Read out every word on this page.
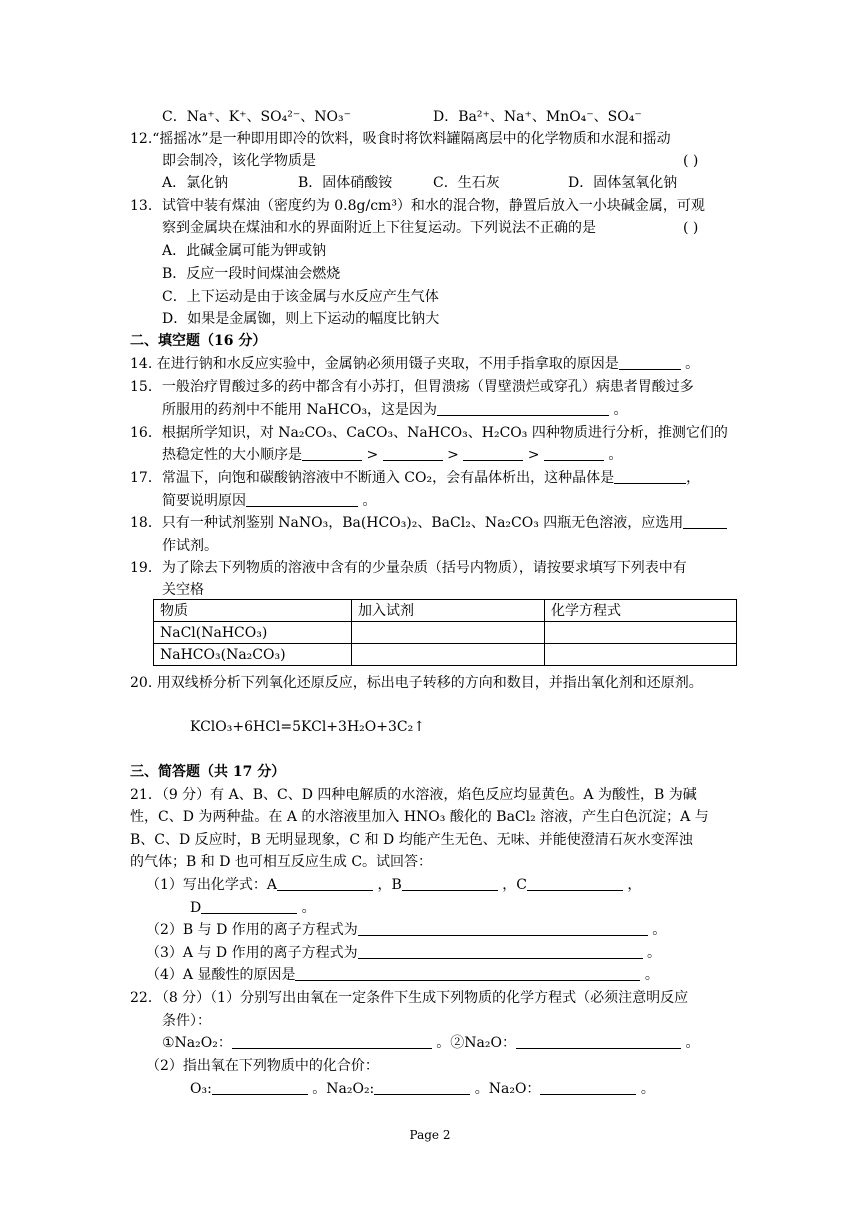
C．Na⁺、K⁺、SO₄²⁻、NO₃⁻	D．Ba²⁺、Na⁺、MnO₄⁻、SO₄⁻
12.“摇摇冰”是一种即用即冷的饮料，吸食时将饮料罐隔离层中的化学物质和水混和摇动
即会制冷，该化学物质是	( )
A．氯化钠	B．固体硝酸铵	C．生石灰	D．固体氢氧化钠
13．试管中装有煤油（密度约为 0.8g/cm³）和水的混合物，静置后放入一小块碱金属，可观
察到金属块在煤油和水的界面附近上下往复运动。下列说法不正确的是	( )
A．此碱金属可能为钾或钠
B．反应一段时间煤油会燃烧
C．上下运动是由于该金属与水反应产生气体
D．如果是金属铷，则上下运动的幅度比钠大
二、填空题（16 分）
14. 在进行钠和水反应实验中，金属钠必须用镊子夹取，不用手指拿取的原因是	。
15．一般治疗胃酸过多的药中都含有小苏打，但胃溃疡（胃壁溃烂或穿孔）病患者胃酸过多
所服用的药剂中不能用 NaHCO₃，这是因为	。
16．根据所学知识，对 Na₂CO₃、CaCO₃、NaHCO₃、H₂CO₃ 四种物质进行分析，推测它们的
热稳定性的大小顺序是	>	>	>	。
17．常温下，向饱和碳酸钠溶液中不断通入 CO₂，会有晶体析出，这种晶体是	，
简要说明原因	。
18．只有一种试剂鉴别 NaNO₃，Ba(HCO₃)₂、BaCl₂、Na₂CO₃ 四瓶无色溶液，应选用
作试剂。
19．为了除去下列物质的溶液中含有的少量杂质（括号内物质），请按要求填写下列表中有
关空格
物质	加入试剂	化学方程式
NaCl(NaHCO₃)		
NaHCO₃(Na₂CO₃)		
20. 用双线桥分析下列氧化还原反应，标出电子转移的方向和数目，并指出氧化剂和还原剂。
KClO₃+6HCl=5KCl+3H₂O+3C₂↑
三、简答题（共 17 分）
21．（9 分）有 A、B、C、D 四种电解质的水溶液，焰色反应均显黄色。A 为酸性，B 为碱
性，C、D 为两种盐。在 A 的水溶液里加入 HNO₃ 酸化的 BaCl₂ 溶液，产生白色沉淀；A 与
B、C、D 反应时，B 无明显现象，C 和 D 均能产生无色、无味、并能使澄清石灰水变浑浊
的气体；B 和 D 也可相互反应生成 C。试回答：
（1）写出化学式：A	，B	，C	，
D	。
（2）B 与 D 作用的离子方程式为	。
（3）A 与 D 作用的离子方程式为	。
（4）A 显酸性的原因是	。
22．（8 分）（1）分别写出由氧在一定条件下生成下列物质的化学方程式（必须注意明反应
条件）：
①Na₂O₂：	。②Na₂O：	。
（2）指出氧在下列物质中的化合价：
O₃:	。Na₂O₂:	。Na₂O：	。
Page 2
